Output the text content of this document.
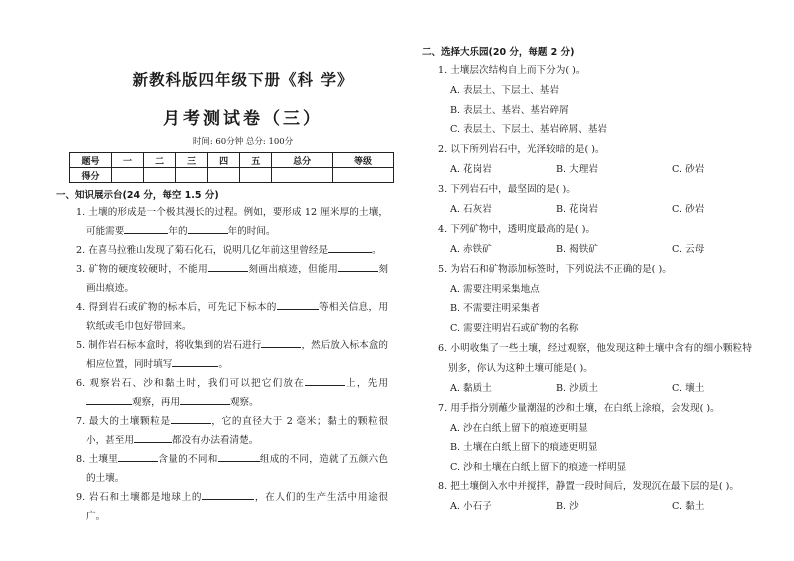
新教科版四年级下册《科 学》
月考测试卷（三）
时间: 60分钟 总分: 100分
题号	一	二	三	四	五	总分	等级
得分							
一、知识展示台(24 分，每空 1.5 分)
1. 土壤的形成是一个极其漫长的过程。例如，要形成 12 厘米厚的土壤，可能需要	年的	年的时间。
2. 在喜马拉雅山发现了菊石化石，说明几亿年前这里曾经是	。
3. 矿物的硬度较硬时，不能用	刻画出痕迹，但能用	刻画出痕迹。
4. 得到岩石或矿物的标本后，可先记下标本的	等相关信息，用软纸或毛巾包好带回来。
5. 制作岩石标本盒时，将收集到的岩石进行	，然后放入标本盒的相应位置，同时填写	。
6. 观察岩石、沙和黏土时，我们可以把它们放在	上，先用观察，再用	观察。
7. 最大的土壤颗粒是	，它的直径大于 2 毫米；黏土的颗粒很小，甚至用	都没有办法看清楚。
8. 土壤里	含量的不同和	组成的不同，造就了五颜六色的土壤。
9. 岩石和土壤都是地球上的	，在人们的生产生活中用途很广。
二、选择大乐园(20 分，每题 2 分)
1. 土壤层次结构自上而下分为( )。
A. 表层土、下层土、基岩
B. 表层土、基岩、基岩碎屑
C. 表层土、下层土、基岩碎屑、基岩
2. 以下所列岩石中，光泽较暗的是( )。
A. 花岗岩	B. 大理岩	C. 砂岩
3. 下列岩石中，最坚固的是( )。
A. 石灰岩	B. 花岗岩	C. 砂岩
4. 下列矿物中，透明度最高的是( )。
A. 赤铁矿	B. 褐铁矿	C. 云母
5. 为岩石和矿物添加标签时，下列说法不正确的是( )。
A. 需要注明采集地点
B. 不需要注明采集者
C. 需要注明岩石或矿物的名称
6. 小明收集了一些土壤，经过观察，他发现这种土壤中含有的细小颗粒特别多，你认为这种土壤可能是( )。
A. 黏质土	B. 沙质土	C. 壤土
7. 用手指分别蘸少量潮湿的沙和土壤，在白纸上涂痕，会发现( )。
A. 沙在白纸上留下的痕迹更明显
B. 土壤在白纸上留下的痕迹更明显
C. 沙和土壤在白纸上留下的痕迹一样明显
8. 把土壤倒入水中并搅拌，静置一段时间后，发现沉在最下层的是( )。
A. 小石子	B. 沙	C. 黏土
